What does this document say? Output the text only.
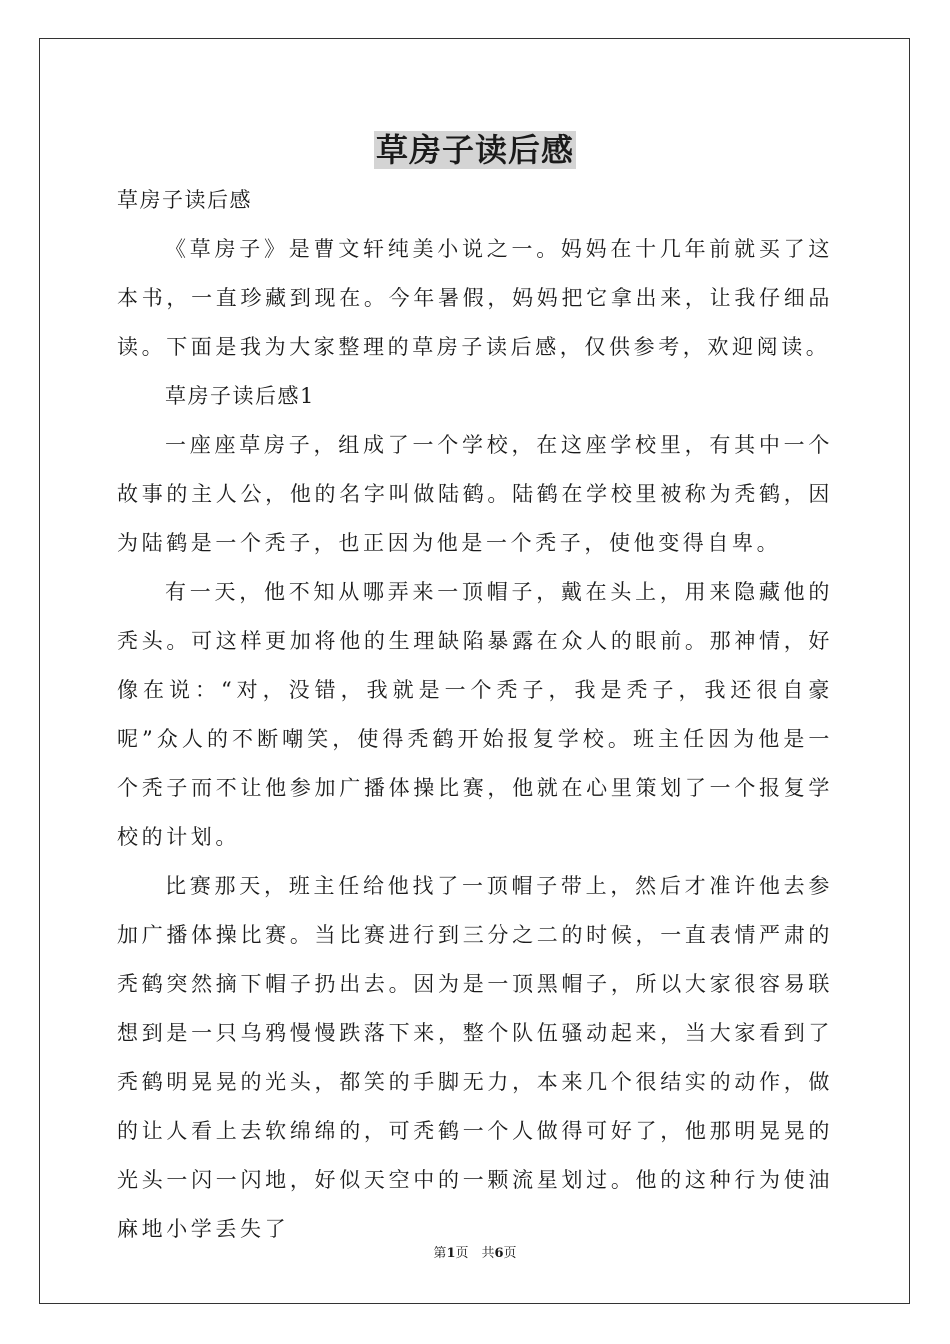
草房子读后感

草房子读后感

《草房子》是曹文轩纯美小说之一。妈妈在十几年前就买了这本书，一直珍藏到现在。今年暑假，妈妈把它拿出来，让我仔细品读。下面是我为大家整理的草房子读后感，仅供参考，欢迎阅读。

草房子读后感1

一座座草房子，组成了一个学校，在这座学校里，有其中一个故事的主人公，他的名字叫做陆鹤。陆鹤在学校里被称为秃鹤，因为陆鹤是一个秃子，也正因为他是一个秃子，使他变得自卑。

有一天，他不知从哪弄来一顶帽子，戴在头上，用来隐藏他的秃头。可这样更加将他的生理缺陷暴露在众人的眼前。那神情，好像在说：“对，没错，我就是一个秃子，我是秃子，我还很自豪呢”众人的不断嘲笑，使得秃鹤开始报复学校。班主任因为他是一个秃子而不让他参加广播体操比赛，他就在心里策划了一个报复学校的计划。

比赛那天，班主任给他找了一顶帽子带上，然后才准许他去参加广播体操比赛。当比赛进行到三分之二的时候，一直表情严肃的秃鹤突然摘下帽子扔出去。因为是一顶黑帽子，所以大家很容易联想到是一只乌鸦慢慢跌落下来，整个队伍骚动起来，当大家看到了秃鹤明晃晃的光头，都笑的手脚无力，本来几个很结实的动作，做的让人看上去软绵绵的，可秃鹤一个人做得可好了，他那明晃晃的光头一闪一闪地，好似天空中的一颗流星划过。他的这种行为使油麻地小学丢失了

第1页　共6页
